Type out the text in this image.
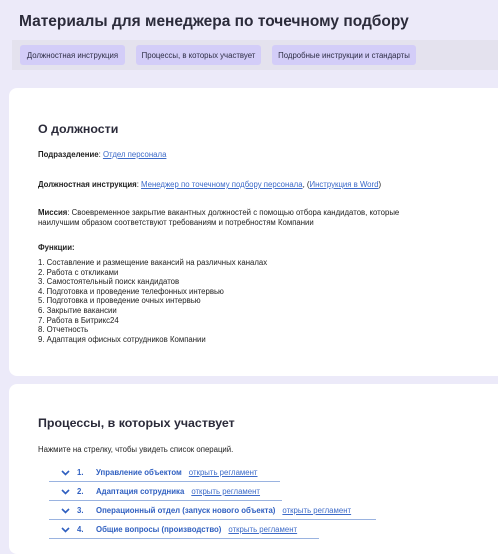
Материалы для менеджера по точечному подбору
Должностная инструкция	Процессы, в которых участвует	Подробные инструкции и стандарты
О должности
Подразделение: Отдел персонала
Должностная инструкция: Менеджер по точечному подбору персонала, (Инструкция в Word)
Миссия: Своевременное закрытие вакантных должностей с помощью отбора кандидатов, которые
наилучшим образом соответствуют требованиям и потребностям Компании
Функции:
1. Составление и размещение вакансий на различных каналах
2. Работа с откликами
3. Самостоятельный поиск кандидатов
4. Подготовка и проведение телефонных интервью
5. Подготовка и проведение очных интервью
6. Закрытие вакансии
7. Работа в Битрикс24
8. Отчетность
9. Адаптация офисных сотрудников Компании
Процессы, в которых участвует
Нажмите на стрелку, чтобы увидеть список операций.
1.	Управление объектом открыть регламент
2.	Адаптация сотрудника открыть регламент
3.	Операционный отдел (запуск нового объекта) открыть регламент
4.	Общие вопросы (производство) открыть регламент
